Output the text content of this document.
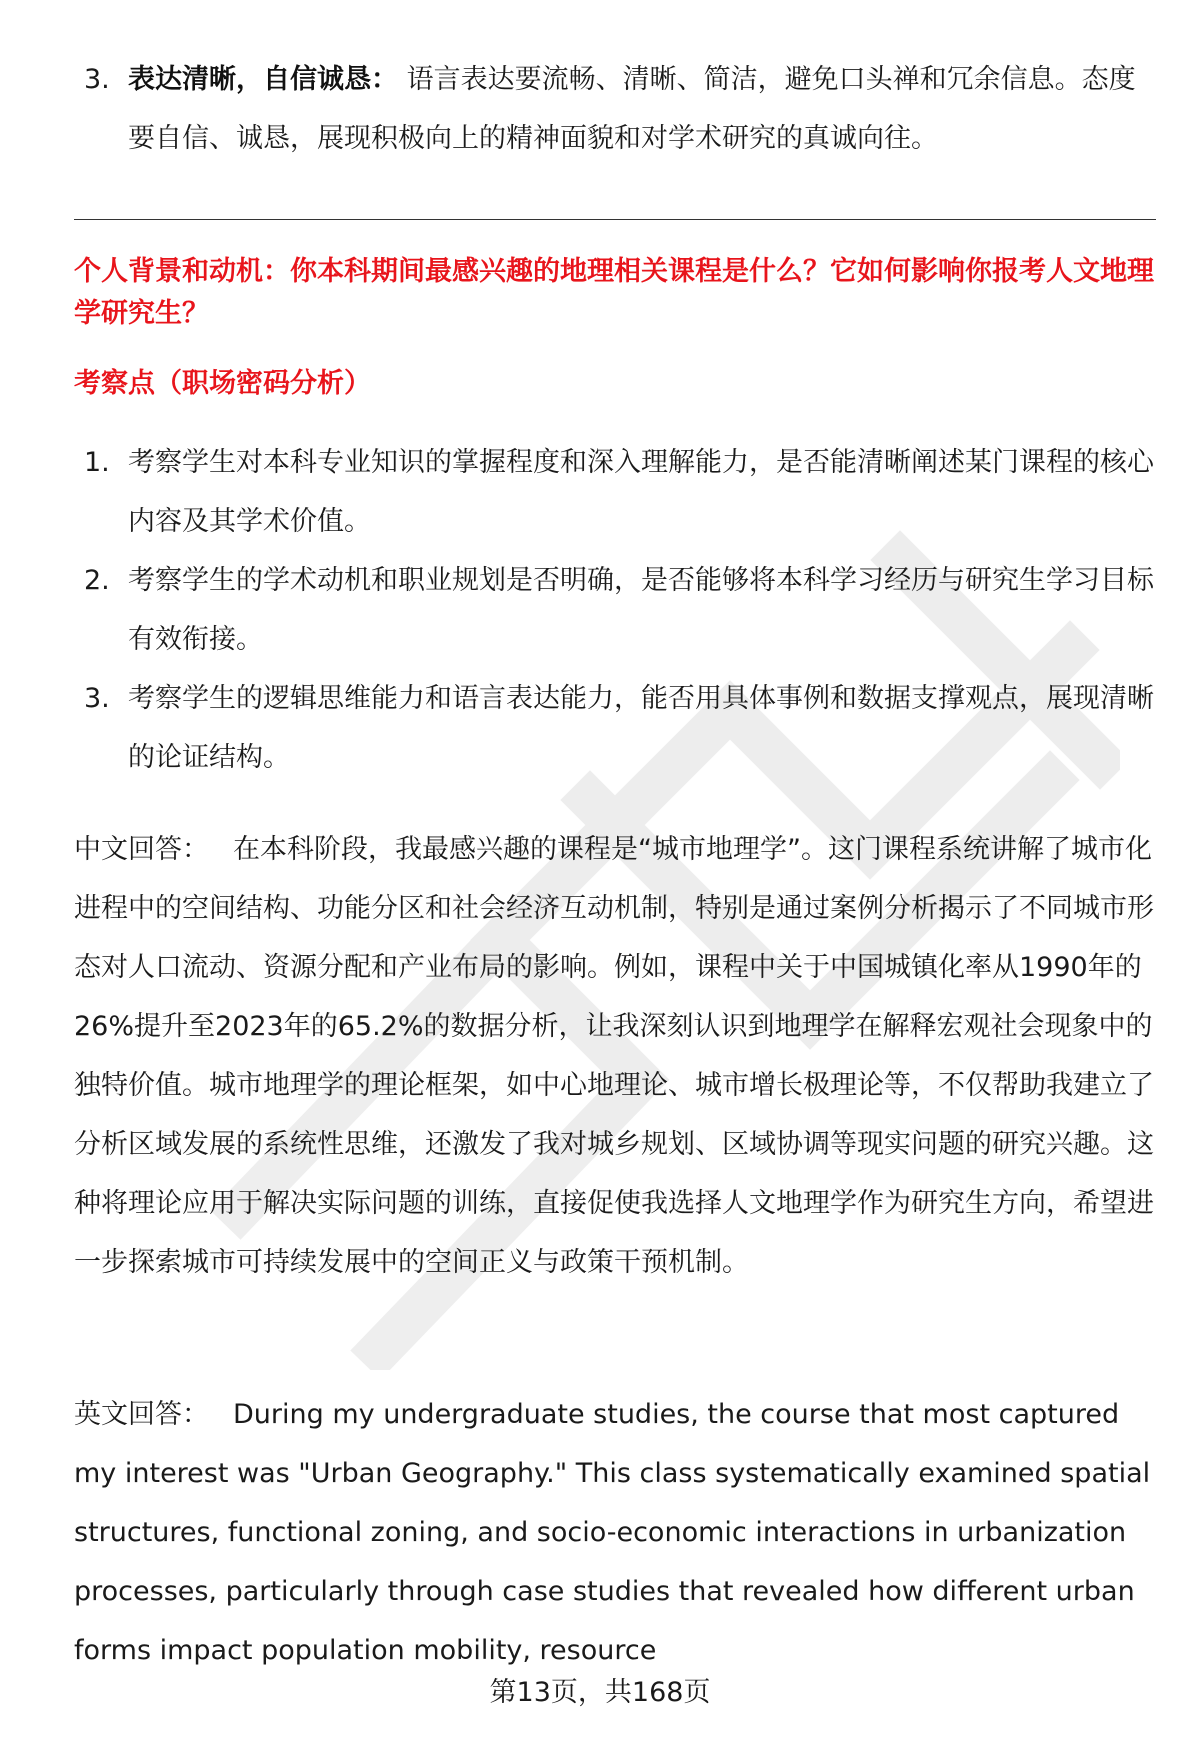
3. 表达清晰，自信诚恳： 语言表达要流畅、清晰、简洁，避免口头禅和冗余信息。态度要自信、诚恳，展现积极向上的精神面貌和对学术研究的真诚向往。
个人背景和动机：你本科期间最感兴趣的地理相关课程是什么？它如何影响你报考人文地理学研究生？
考察点（职场密码分析）
1. 考察学生对本科专业知识的掌握程度和深入理解能力，是否能清晰阐述某门课程的核心内容及其学术价值。
2. 考察学生的学术动机和职业规划是否明确，是否能够将本科学习经历与研究生学习目标有效衔接。
3. 考察学生的逻辑思维能力和语言表达能力，能否用具体事例和数据支撑观点，展现清晰的论证结构。
中文回答： 在本科阶段，我最感兴趣的课程是“城市地理学”。这门课程系统讲解了城市化进程中的空间结构、功能分区和社会经济互动机制，特别是通过案例分析揭示了不同城市形态对人口流动、资源分配和产业布局的影响。例如，课程中关于中国城镇化率从1990年的26%提升至2023年的65.2%的数据分析，让我深刻认识到地理学在解释宏观社会现象中的独特价值。城市地理学的理论框架，如中心地理论、城市增长极理论等，不仅帮助我建立了分析区域发展的系统性思维，还激发了我对城乡规划、区域协调等现实问题的研究兴趣。这种将理论应用于解决实际问题的训练，直接促使我选择人文地理学作为研究生方向，希望进一步探索城市可持续发展中的空间正义与政策干预机制。
英文回答： During my undergraduate studies, the course that most captured my interest was "Urban Geography." This class systematically examined spatial structures, functional zoning, and socio-economic interactions in urbanization processes, particularly through case studies that revealed how different urban forms impact population mobility, resource
第13页，共168页
